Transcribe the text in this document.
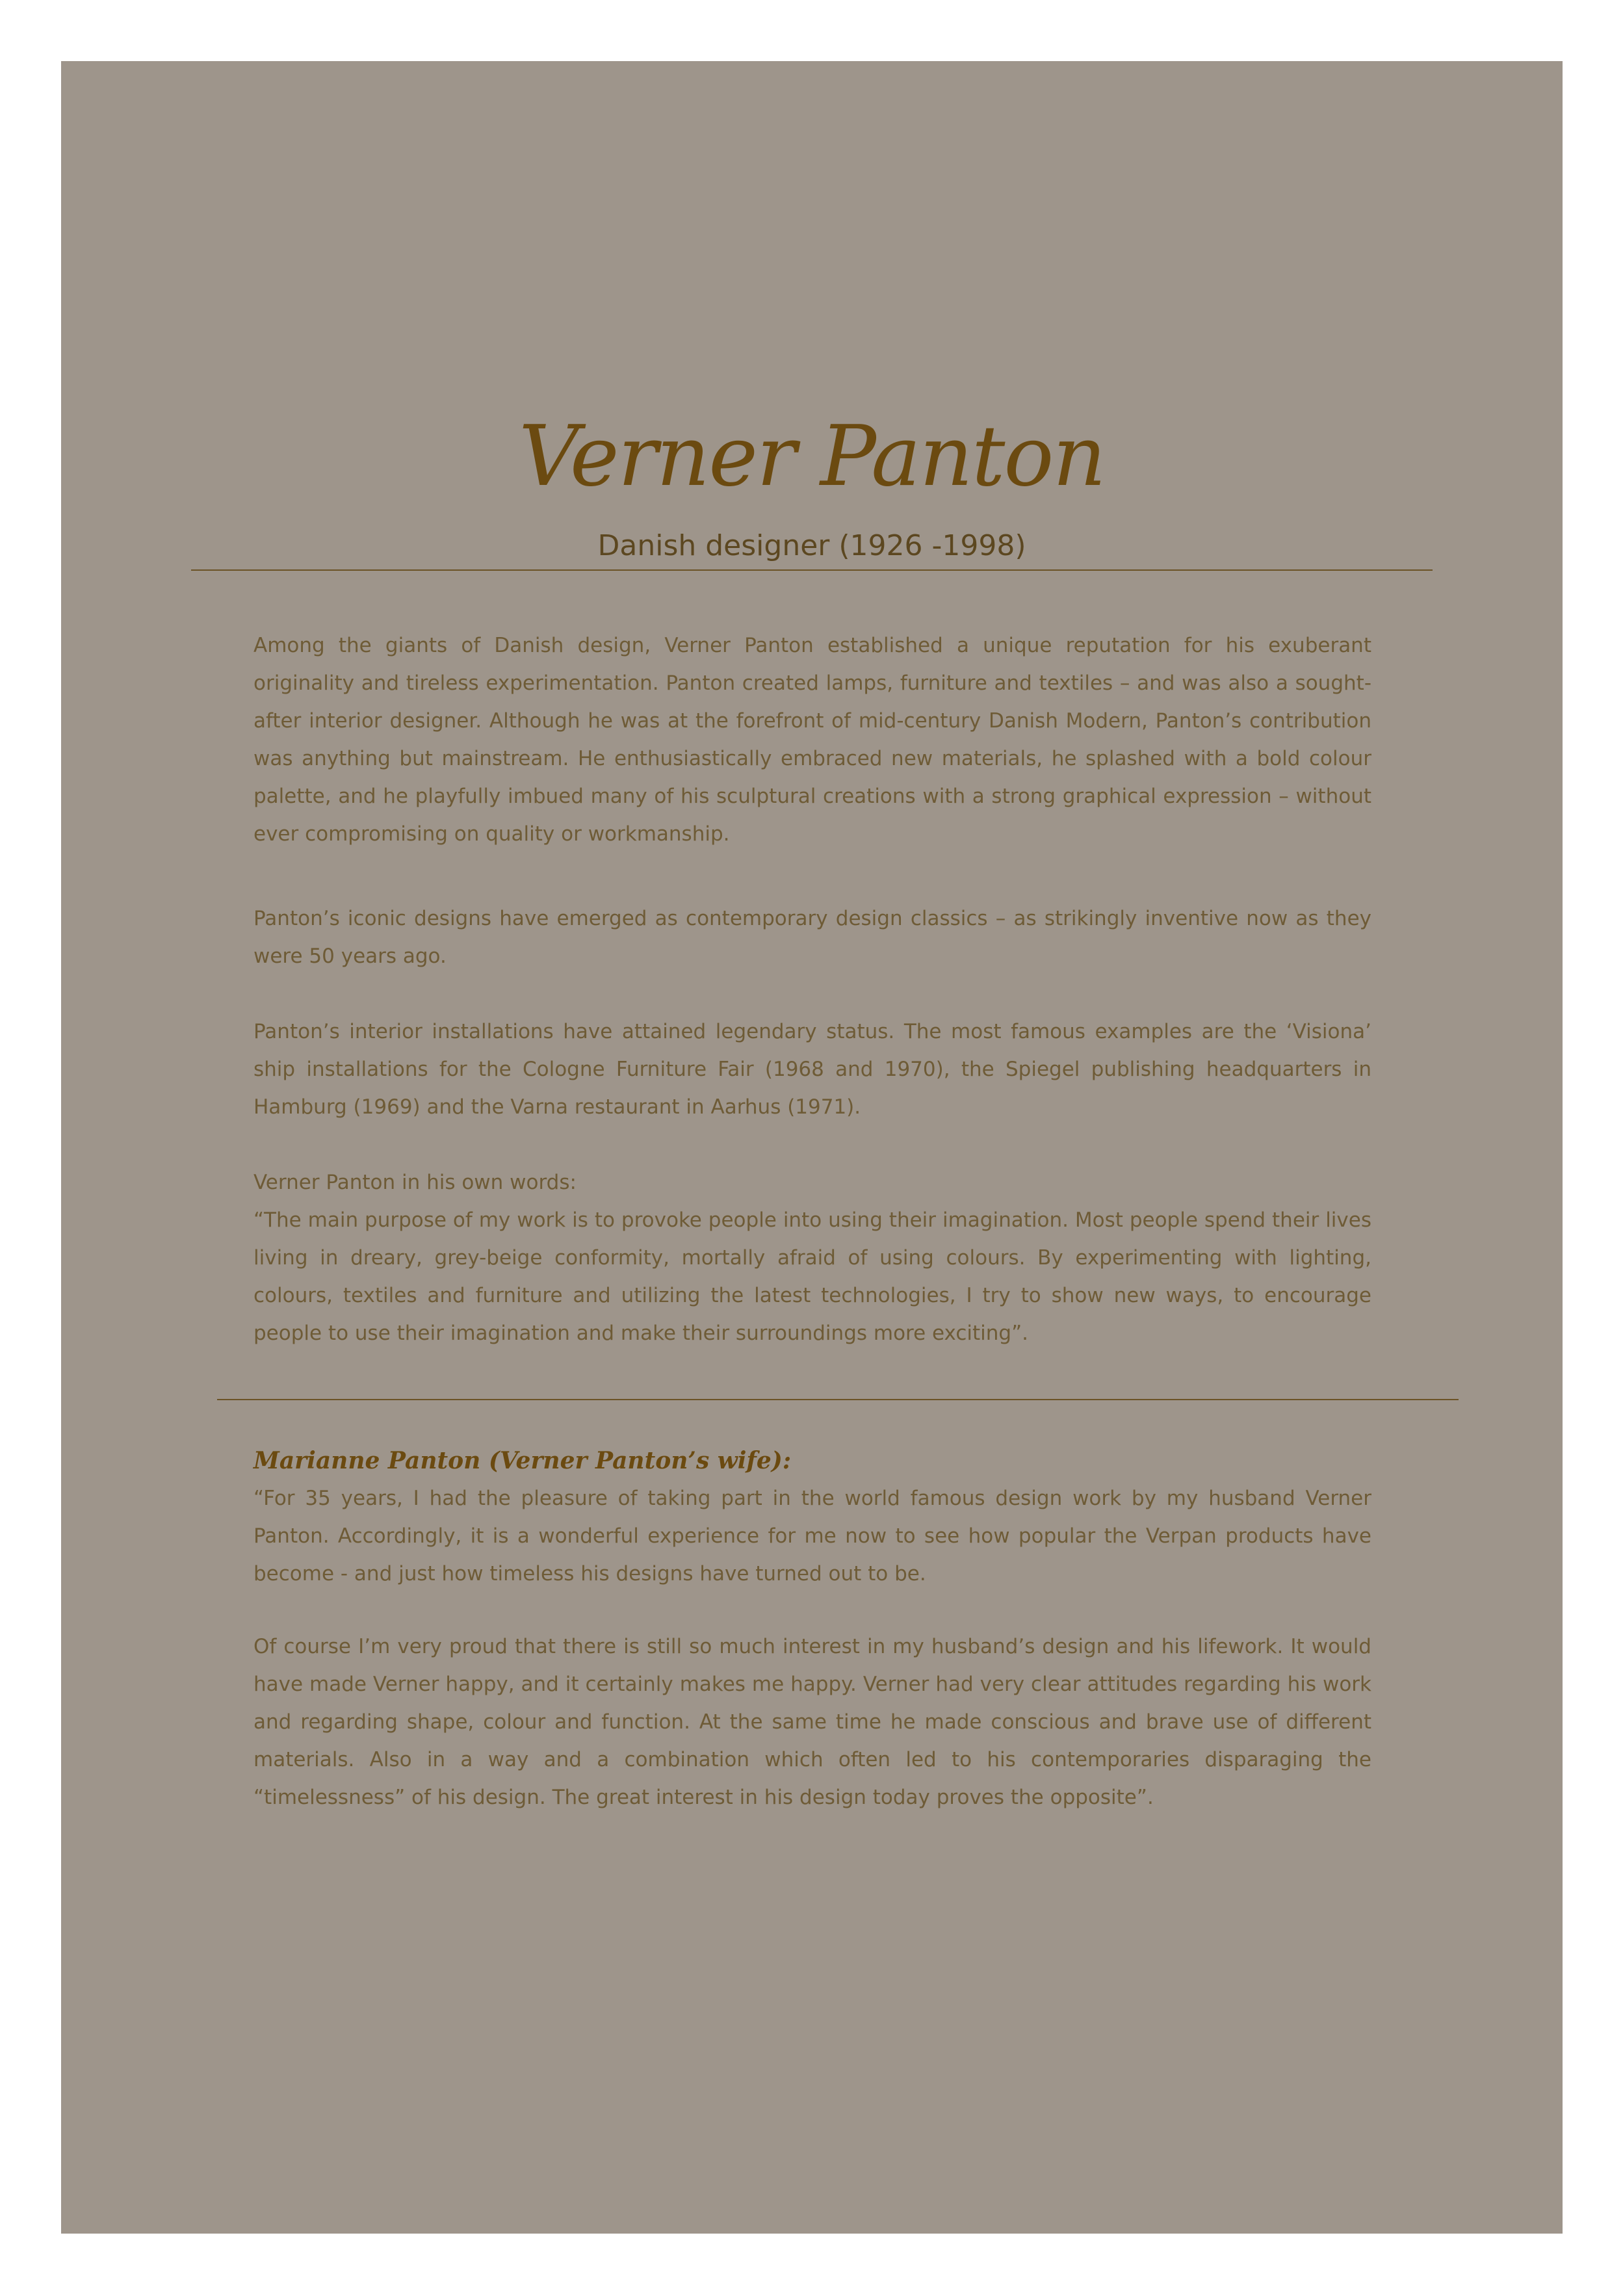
Verner Panton
Danish designer (1926 -1998)

Among the giants of Danish design, Verner Panton established a unique reputation for his exuberant originality and tireless experimentation. Panton created lamps, furniture and textiles – and was also a sought-after interior designer. Although he was at the forefront of mid-century Danish Modern, Panton’s contribution was anything but mainstream. He enthusiastically embraced new materials, he splashed with a bold colour palette, and he playfully imbued many of his sculptural creations with a strong graphical expression – without ever compromising on quality or workmanship.

Panton’s iconic designs have emerged as contemporary design classics – as strikingly inventive now as they were 50 years ago.

Panton’s interior installations have attained legendary status. The most famous examples are the ‘Visiona’ ship installations for the Cologne Furniture Fair (1968 and 1970), the Spiegel publishing headquarters in Hamburg (1969) and the Varna restaurant in Aarhus (1971).

Verner Panton in his own words:

“The main purpose of my work is to provoke people into using their imagination. Most people spend their lives living in dreary, grey-beige conformity, mortally afraid of using colours. By experimenting with lighting, colours, textiles and furniture and utilizing the latest technologies, I try to show new ways, to encourage people to use their imagination and make their surroundings more exciting”.

Marianne Panton (Verner Panton’s wife):

“For 35 years, I had the pleasure of taking part in the world famous design work by my husband Verner Panton. Accordingly, it is a wonderful experience for me now to see how popular the Verpan products have become - and just how timeless his designs have turned out to be.

Of course I’m very proud that there is still so much interest in my husband’s design and his lifework. It would have made Verner happy, and it certainly makes me happy. Verner had very clear attitudes regarding his work and regarding shape, colour and function. At the same time he made conscious and brave use of different materials. Also in a way and a combination which often led to his contemporaries disparaging the “timelessness” of his design. The great interest in his design today proves the opposite”.
